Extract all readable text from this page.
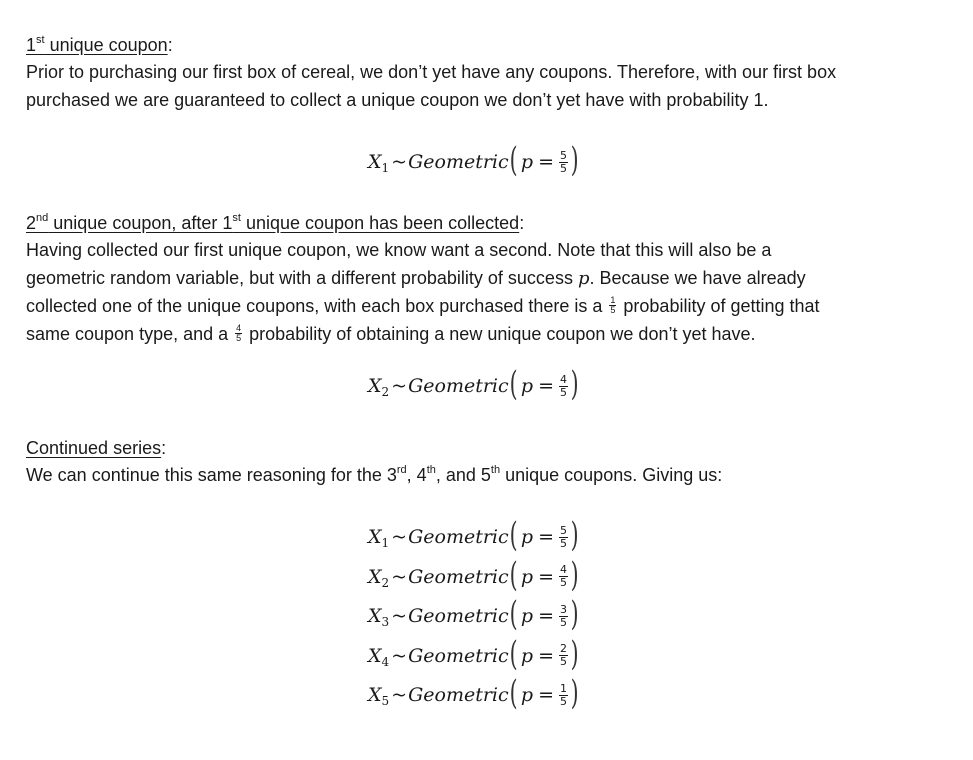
1st unique coupon:
Prior to purchasing our first box of cereal, we don’t yet have any coupons. Therefore, with our first box
purchased we are guaranteed to collect a unique coupon we don’t yet have with probability 1.
X 1 ~ Geometric ( $p = \frac{5}{5}$ )
2nd unique coupon, after 1st unique coupon has been collected:
Having collected our first unique coupon, we know want a second. Note that this will also be a
geometric random variable, but with a different probability of success p. Because we have already
collected one of the unique coupons, with each box purchased there is a $\frac{1}{5}$ probability of getting that
same coupon type, and a $\frac{4}{5}$ probability of obtaining a new unique coupon we don’t yet have.
X 2 ~ Geometric ( $p = \frac{4}{5}$ )
Continued series:
We can continue this same reasoning for the 3rd, 4th, and 5th unique coupons. Giving us:
X 1 ~ Geometric ( $p = \frac{5}{5}$ )
X 2 ~ Geometric ( $p = \frac{4}{5}$ )
X 3 ~ Geometric ( $p = \frac{3}{5}$ )
X 4 ~ Geometric ( $p = \frac{2}{5}$ )
X 5 ~ Geometric ( $p = \frac{1}{5}$ )
